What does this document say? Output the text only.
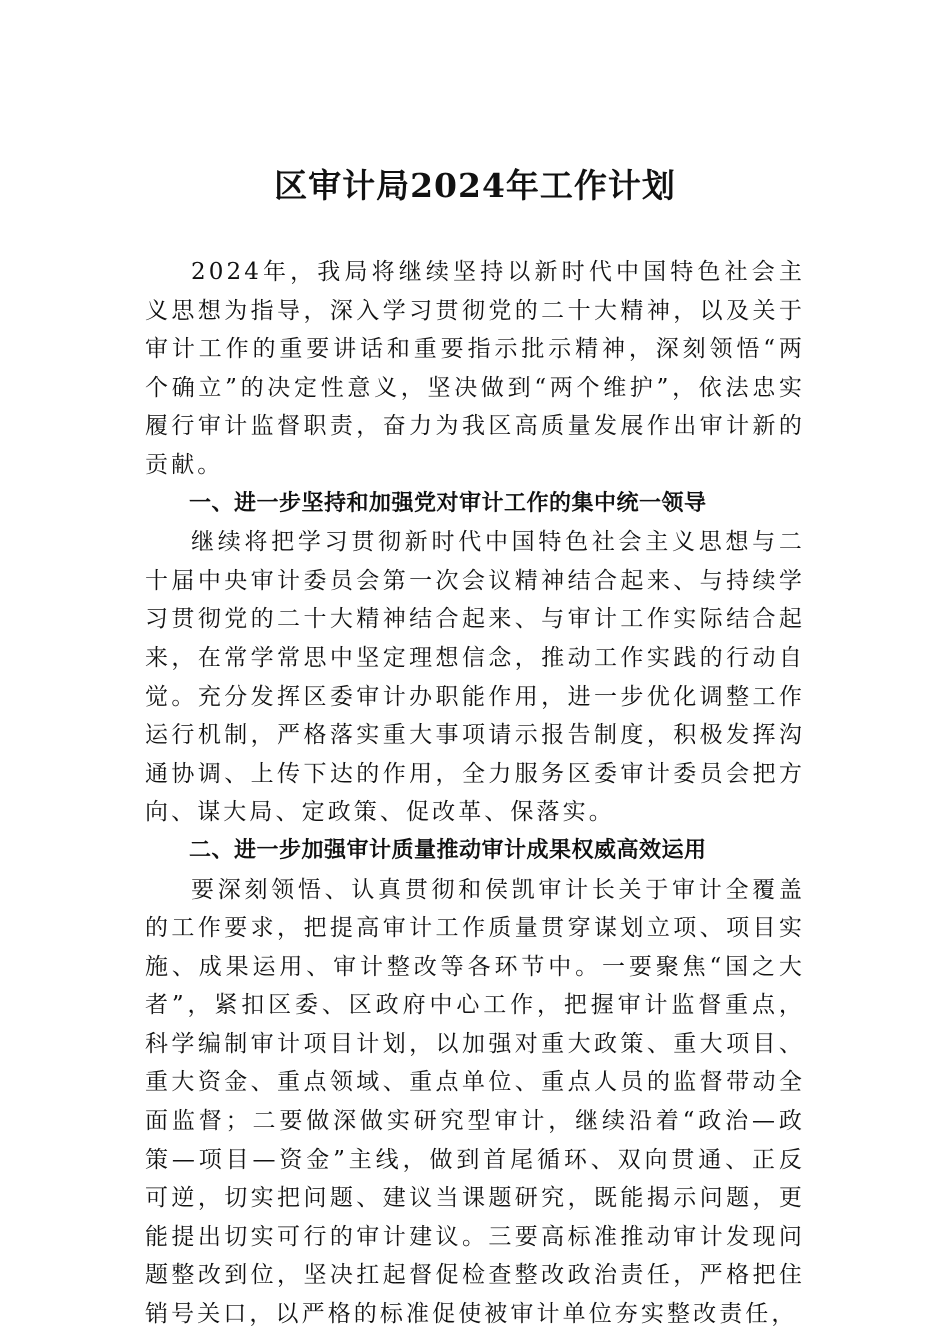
区审计局2024年工作计划

2024年，我局将继续坚持以新时代中国特色社会主义思想为指导，深入学习贯彻党的二十大精神，以及关于审计工作的重要讲话和重要指示批示精神，深刻领悟“两个确立”的决定性意义，坚决做到“两个维护”，依法忠实履行审计监督职责，奋力为我区高质量发展作出审计新的贡献。

一、进一步坚持和加强党对审计工作的集中统一领导

继续将把学习贯彻新时代中国特色社会主义思想与二十届中央审计委员会第一次会议精神结合起来、与持续学习贯彻党的二十大精神结合起来、与审计工作实际结合起来，在常学常思中坚定理想信念，推动工作实践的行动自觉。充分发挥区委审计办职能作用，进一步优化调整工作运行机制，严格落实重大事项请示报告制度，积极发挥沟通协调、上传下达的作用，全力服务区委审计委员会把方向、谋大局、定政策、促改革、保落实。

二、进一步加强审计质量推动审计成果权威高效运用

要深刻领悟、认真贯彻和侯凯审计长关于审计全覆盖的工作要求，把提高审计工作质量贯穿谋划立项、项目实施、成果运用、审计整改等各环节中。一要聚焦“国之大者”，紧扣区委、区政府中心工作，把握审计监督重点，科学编制审计项目计划，以加强对重大政策、重大项目、重大资金、重点领域、重点单位、重点人员的监督带动全面监督；二要做深做实研究型审计，继续沿着“政治—政策—项目—资金”主线，做到首尾循环、双向贯通、正反可逆，切实把问题、建议当课题研究，既能揭示问题，更能提出切实可行的审计建议。三要高标准推动审计发现问题整改到位，坚决扛起督促检查整改政治责任，严格把住销号关口，以严格的标准促使被审计单位夯实整改责任，
